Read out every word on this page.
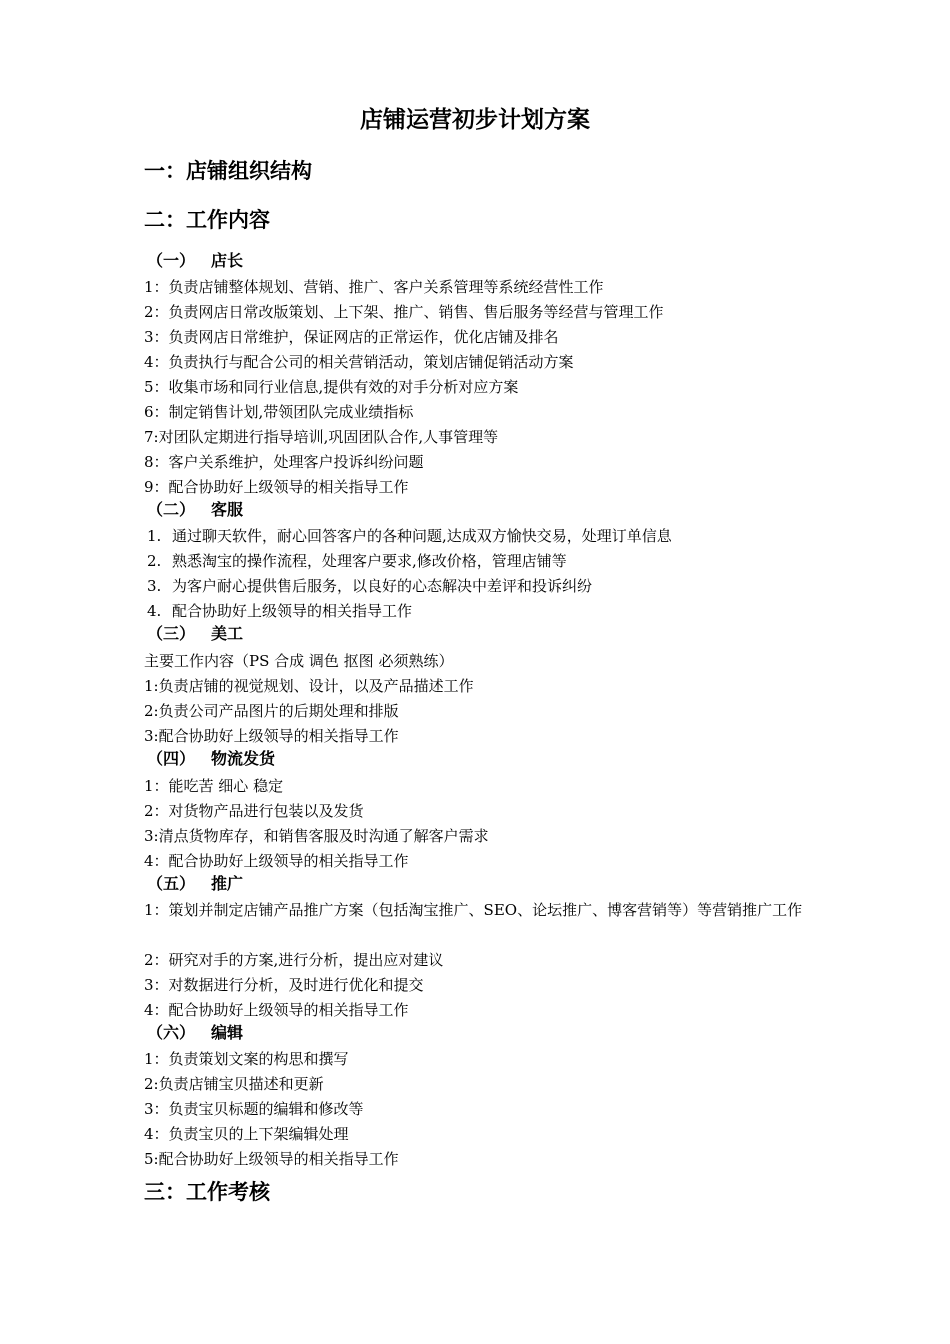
店铺运营初步计划方案
一：店铺组织结构
二：工作内容
（一） 店长
1：负责店铺整体规划、营销、推广、客户关系管理等系统经营性工作
2：负责网店日常改版策划、上下架、推广、销售、售后服务等经营与管理工作
3：负责网店日常维护，保证网店的正常运作，优化店铺及排名
4：负责执行与配合公司的相关营销活动，策划店铺促销活动方案
5：收集市场和同行业信息,提供有效的对手分析对应方案
6：制定销售计划,带领团队完成业绩指标
7:对团队定期进行指导培训,巩固团队合作,人事管理等
8：客户关系维护，处理客户投诉纠纷问题
9：配合协助好上级领导的相关指导工作
（二） 客服
1. 通过聊天软件，耐心回答客户的各种问题,达成双方愉快交易，处理订单信息
2. 熟悉淘宝的操作流程，处理客户要求,修改价格，管理店铺等
3. 为客户耐心提供售后服务，以良好的心态解决中差评和投诉纠纷
4. 配合协助好上级领导的相关指导工作
（三） 美工
主要工作内容（PS 合成 调色 抠图 必须熟练）
1:负责店铺的视觉规划、设计，以及产品描述工作
2:负责公司产品图片的后期处理和排版
3:配合协助好上级领导的相关指导工作
（四） 物流发货
1：能吃苦 细心 稳定
2：对货物产品进行包装以及发货
3:清点货物库存，和销售客服及时沟通了解客户需求
4：配合协助好上级领导的相关指导工作
（五） 推广
1：策划并制定店铺产品推广方案（包括淘宝推广、SEO、论坛推广、博客营销等）等营销推广工作
2：研究对手的方案,进行分析，提出应对建议
3：对数据进行分析，及时进行优化和提交
4：配合协助好上级领导的相关指导工作
（六） 编辑
1：负责策划文案的构思和撰写
2:负责店铺宝贝描述和更新
3：负责宝贝标题的编辑和修改等
4：负责宝贝的上下架编辑处理
5:配合协助好上级领导的相关指导工作
三：工作考核
